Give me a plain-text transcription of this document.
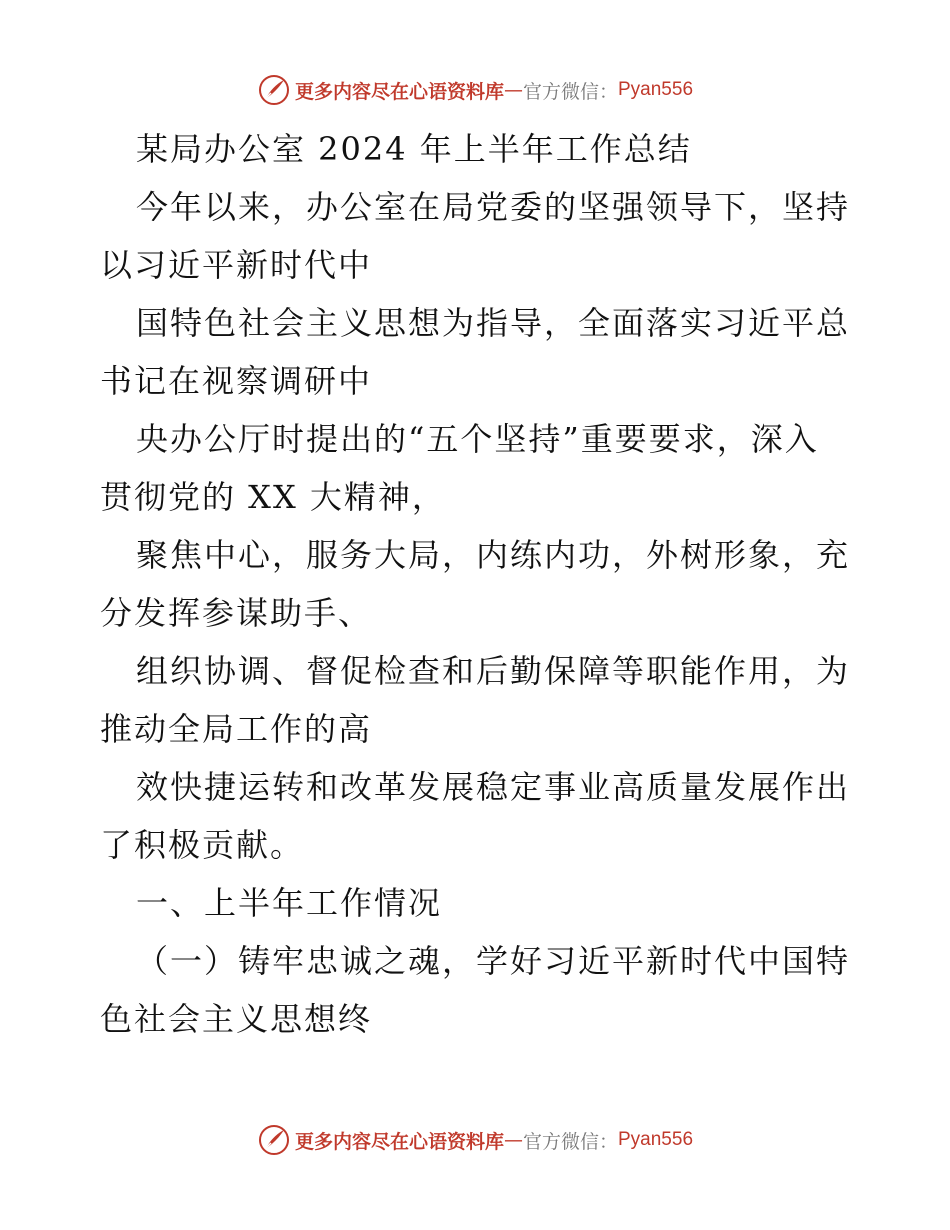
更多内容尽在心语资料库 — 官方微信： Pyan556
某局办公室 2024 年上半年工作总结
今年以来，办公室在局党委的坚强领导下，坚持
以习近平新时代中
国特色社会主义思想为指导，全面落实习近平总
书记在视察调研中
央办公厅时提出的“五个坚持”重要要求，深入
贯彻党的 XX 大精神，
聚焦中心，服务大局，内练内功，外树形象，充
分发挥参谋助手、
组织协调、督促检查和后勤保障等职能作用，为
推动全局工作的高
效快捷运转和改革发展稳定事业高质量发展作出
了积极贡献。
一、上半年工作情况
（一）铸牢忠诚之魂，学好习近平新时代中国特
色社会主义思想终
更多内容尽在心语资料库 — 官方微信： Pyan556
